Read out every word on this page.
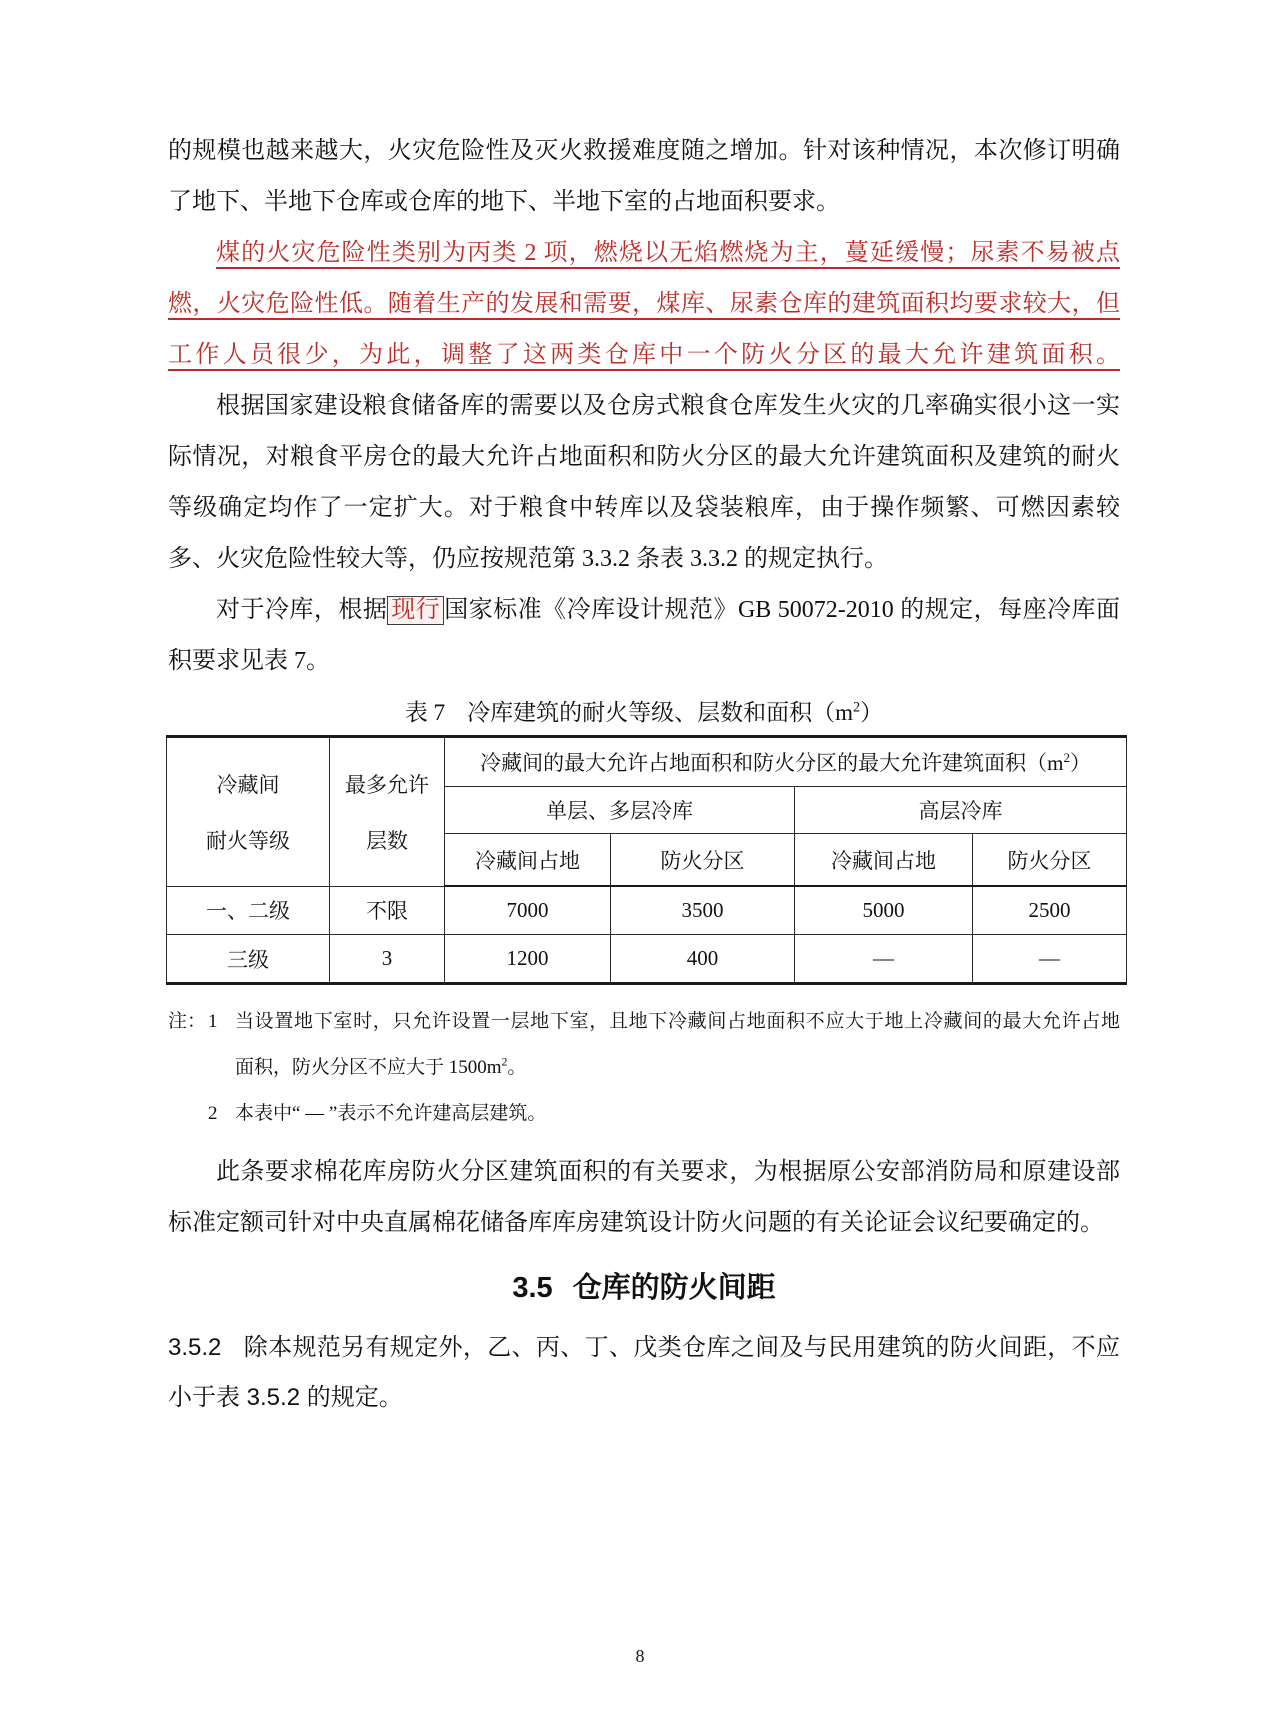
的规模也越来越大，火灾危险性及灭火救援难度随之增加。针对该种情况，本次修订明确了地下、半地下仓库或仓库的地下、半地下室的占地面积要求。

煤的火灾危险性类别为丙类 2 项，燃烧以无焰燃烧为主，蔓延缓慢；尿素不易被点燃，火灾危险性低。随着生产的发展和需要，煤库、尿素仓库的建筑面积均要求较大，但工作人员很少，为此，调整了这两类仓库中一个防火分区的最大允许建筑面积。

根据国家建设粮食储备库的需要以及仓房式粮食仓库发生火灾的几率确实很小这一实际情况，对粮食平房仓的最大允许占地面积和防火分区的最大允许建筑面积及建筑的耐火等级确定均作了一定扩大。对于粮食中转库以及袋装粮库，由于操作频繁、可燃因素较多、火灾危险性较大等，仍应按规范第 3.3.2 条表 3.3.2 的规定执行。

对于冷库，根据 现行 国家标准《冷库设计规范》GB 50072-2010 的规定，每座冷库面积要求见表 7。

表 7 冷库建筑的耐火等级、层数和面积$(m^2)$
冷藏间
耐火等级

最多允许
层数
	冷藏间的最大允许占地面积和防火分区的最大允许建筑面积$(m^2)$
		单层、多层冷库		高层冷库	
		冷藏间占地	防火分区	冷藏间占地	防火分区
一、二级	不限	7000	3500	5000	2500
三级	3	1200	400	—	—
注： 1 当设置地下室时，只允许设置一层地下室，且地下冷藏间占地面积不应大于地上冷藏间的最大允许占地
面积，防火分区不应大于 $1500m^2$。
2 本表中“ — ”表示不允许建高层建筑。

此条要求棉花库房防火分区建筑面积的有关要求，为根据原公安部消防局和原建设部标准定额司针对中央直属棉花储备库库房建筑设计防火问题的有关论证会议纪要确定的。

3.5 仓库的防火间距

3.5.2 除本规范另有规定外，乙、丙、丁、戊类仓库之间及与民用建筑的防火间距，不应小于表 3.5.2 的规定。

8
